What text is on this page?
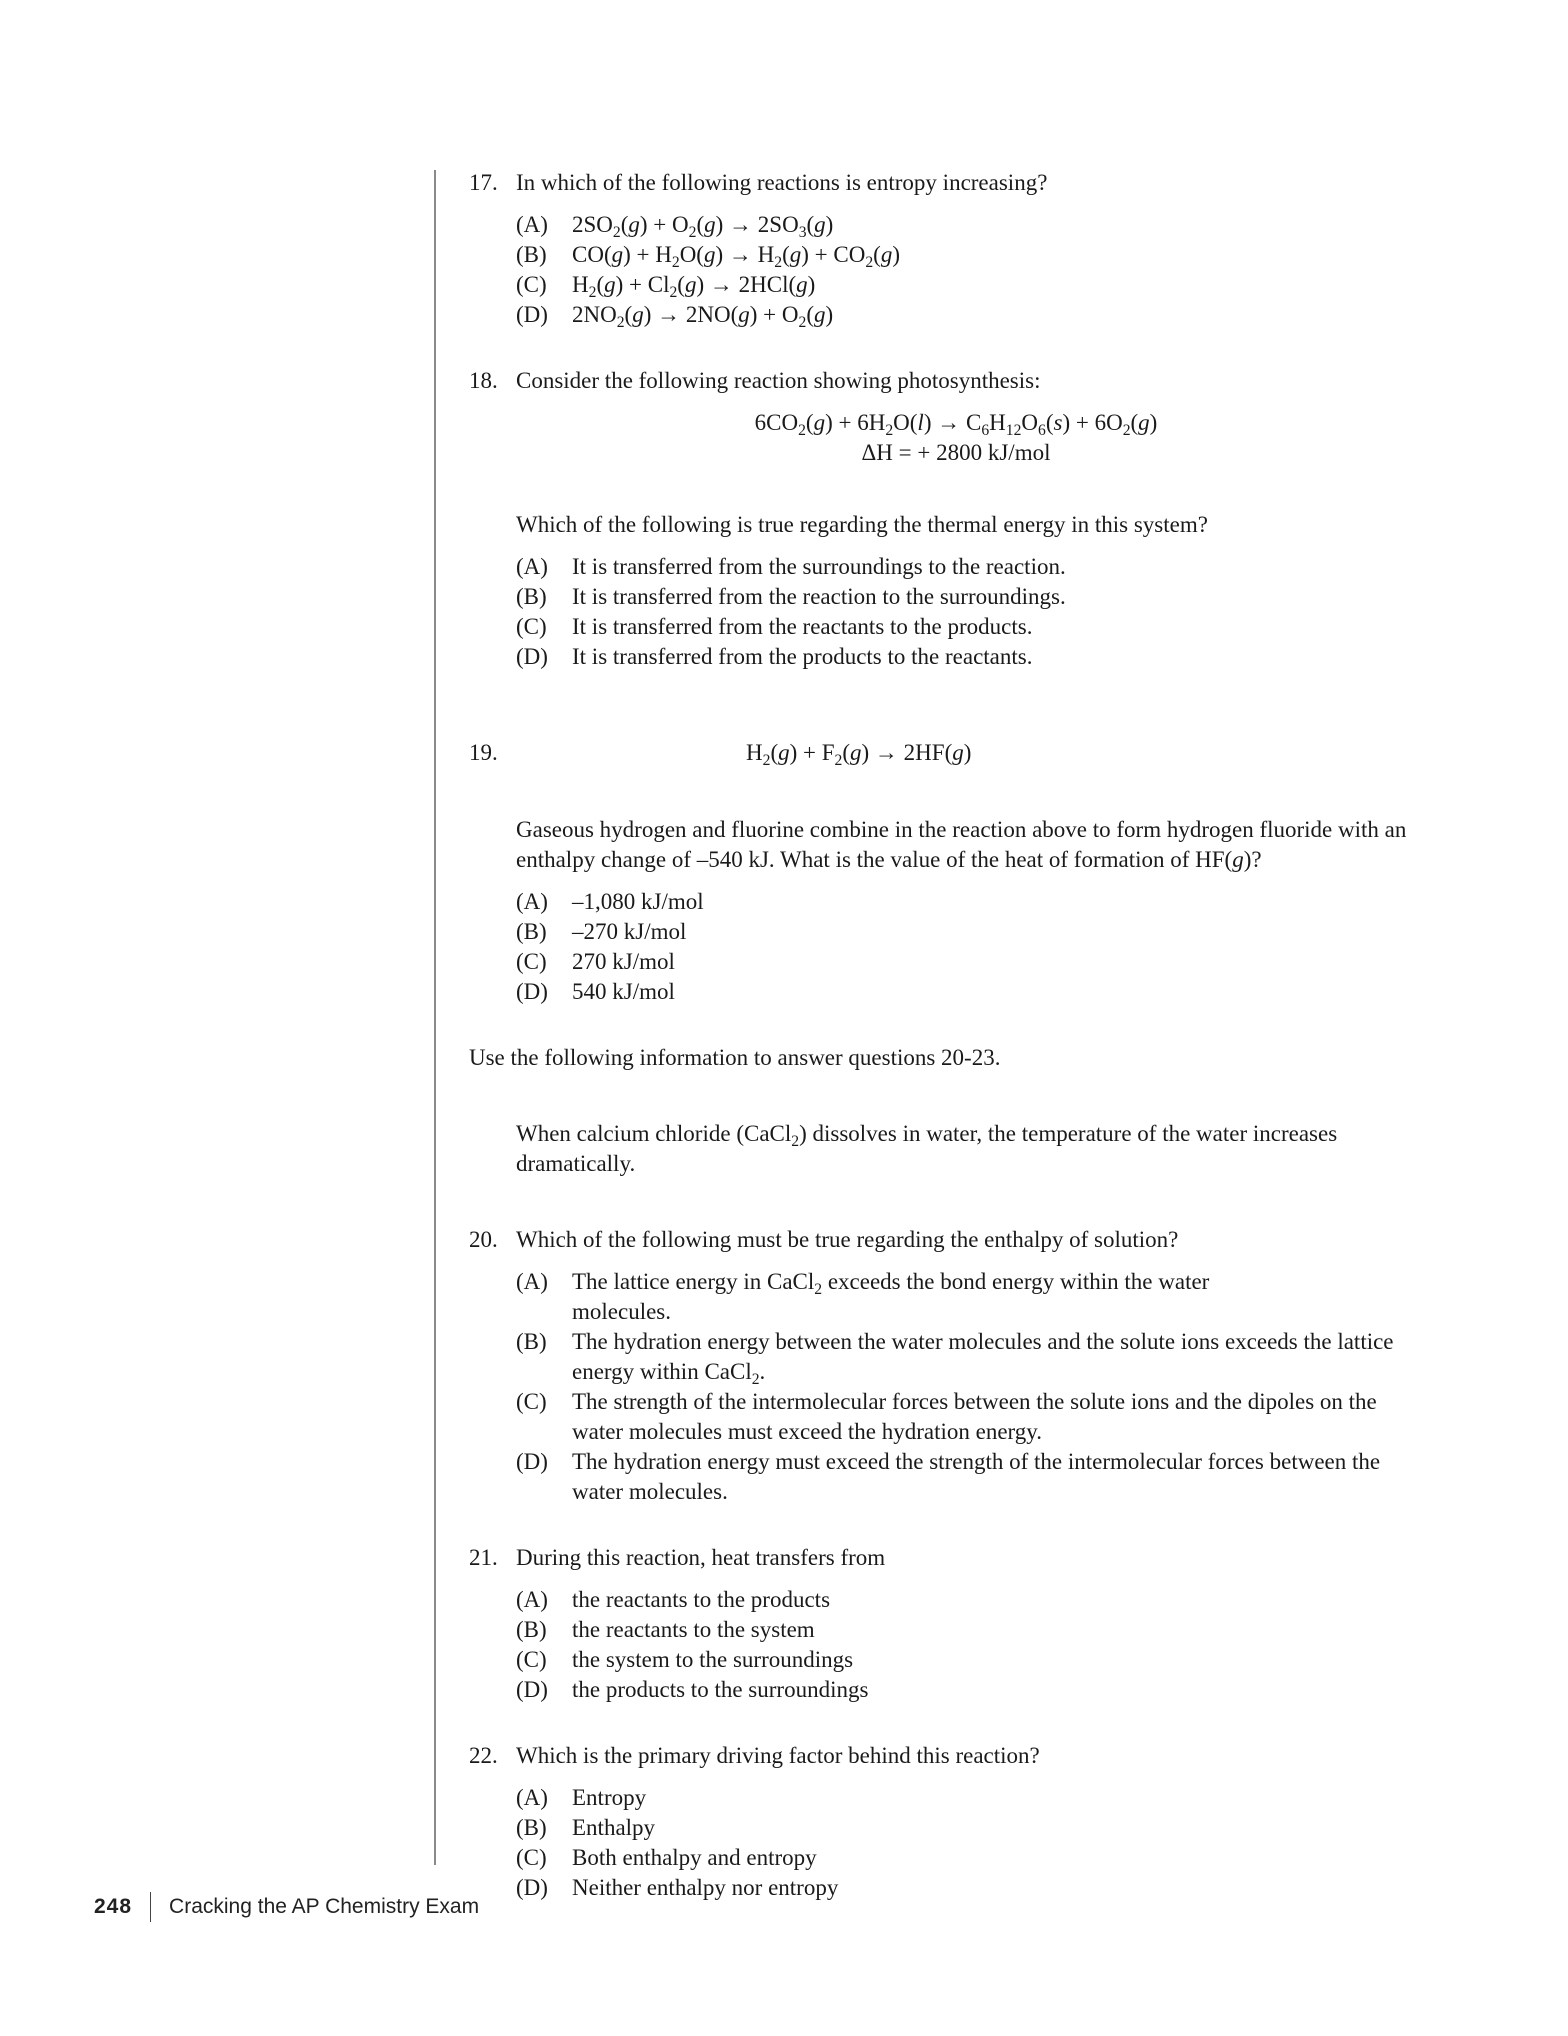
17. In which of the following reactions is entropy increasing?
(A)	$2SO_2(g) + O_2(g) \to 2SO_3(g)$
(B)	$CO(g) + H_2O(g) \to H_2(g) + CO_2(g)$
(C)	$H_2(g) + Cl_2(g) \to 2HCl(g)$
(D)	$2NO_2(g) \to 2NO(g) + O_2(g)$
18. Consider the following reaction showing photosynthesis:
$6CO_2(g) + 6H_2O(l) \to C_6H_{12}O_6(s) + 6O_2(g)$
ΔH = + 2800 kJ/mol
Which of the following is true regarding the thermal energy in this system?
(A)	It is transferred from the surroundings to the reaction.
(B)	It is transferred from the reaction to the surroundings.
(C)	It is transferred from the reactants to the products.
(D)	It is transferred from the products to the reactants.
19.	$H_2(g) + F_2(g) \to 2HF(g)$
Gaseous hydrogen and fluorine combine in the reaction above to form hydrogen fluoride with an enthalpy change of –540 kJ. What is the value of the heat of formation of HF(g)?
(A)	–1,080 kJ/mol
(B)	–270 kJ/mol
(C)	270 kJ/mol
(D)	540 kJ/mol
Use the following information to answer questions 20-23.
When calcium chloride (CaCl$_2$) dissolves in water, the temperature of the water increases dramatically.
20. Which of the following must be true regarding the enthalpy of solution?
(A)	The lattice energy in CaCl$_2$ exceeds the bond energy within the water
molecules.
(B)	The hydration energy between the water molecules and the solute ions exceeds the lattice energy within CaCl$_2$.
(C)	The strength of the intermolecular forces between the solute ions and the dipoles on the water molecules must exceed the hydration energy.
(D)	The hydration energy must exceed the strength of the intermolecular forces between the water molecules.
21. During this reaction, heat transfers from
(A)	the reactants to the products
(B)	the reactants to the system
(C)	the system to the surroundings
(D)	the products to the surroundings
22. Which is the primary driving factor behind this reaction?
(A)	Entropy
(B)	Enthalpy
(C)	Both enthalpy and entropy
(D)	Neither enthalpy nor entropy
248 Cracking the AP Chemistry Exam
